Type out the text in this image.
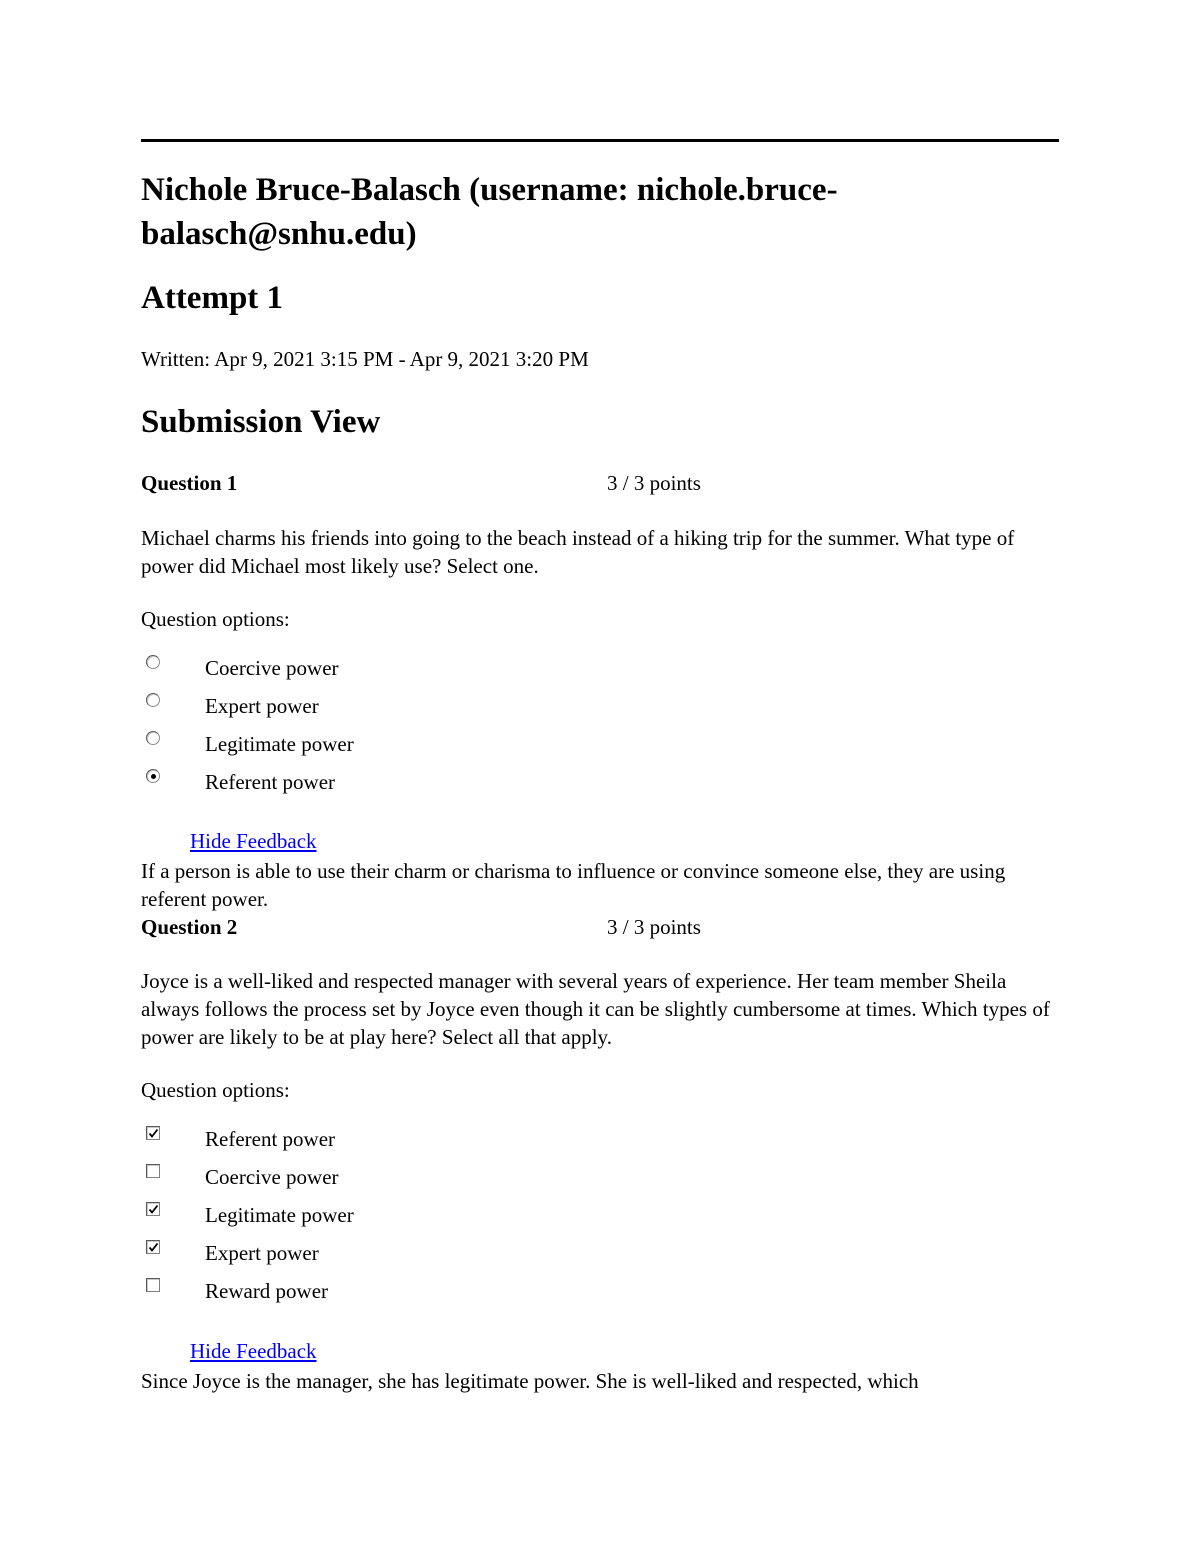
Nichole Bruce-Balasch (username: nichole.bruce-balasch@snhu.edu)
Attempt 1

Written: Apr 9, 2021 3:15 PM - Apr 9, 2021 3:20 PM

Submission View

Question 1	3 / 3 points

Michael charms his friends into going to the beach instead of a hiking trip for the summer. What type of power did Michael most likely use? Select one.

Question options:

Coercive power
Expert power
Legitimate power
Referent power
Hide Feedback

If a person is able to use their charm or charisma to influence or convince someone else, they are using referent power.

Question 2	3 / 3 points

Joyce is a well-liked and respected manager with several years of experience. Her team member Sheila always follows the process set by Joyce even though it can be slightly cumbersome at times. Which types of power are likely to be at play here? Select all that apply.

Question options:

Referent power
Coercive power
Legitimate power
Expert power
Reward power
Hide Feedback

Since Joyce is the manager, she has legitimate power. She is well-liked and respected, which
